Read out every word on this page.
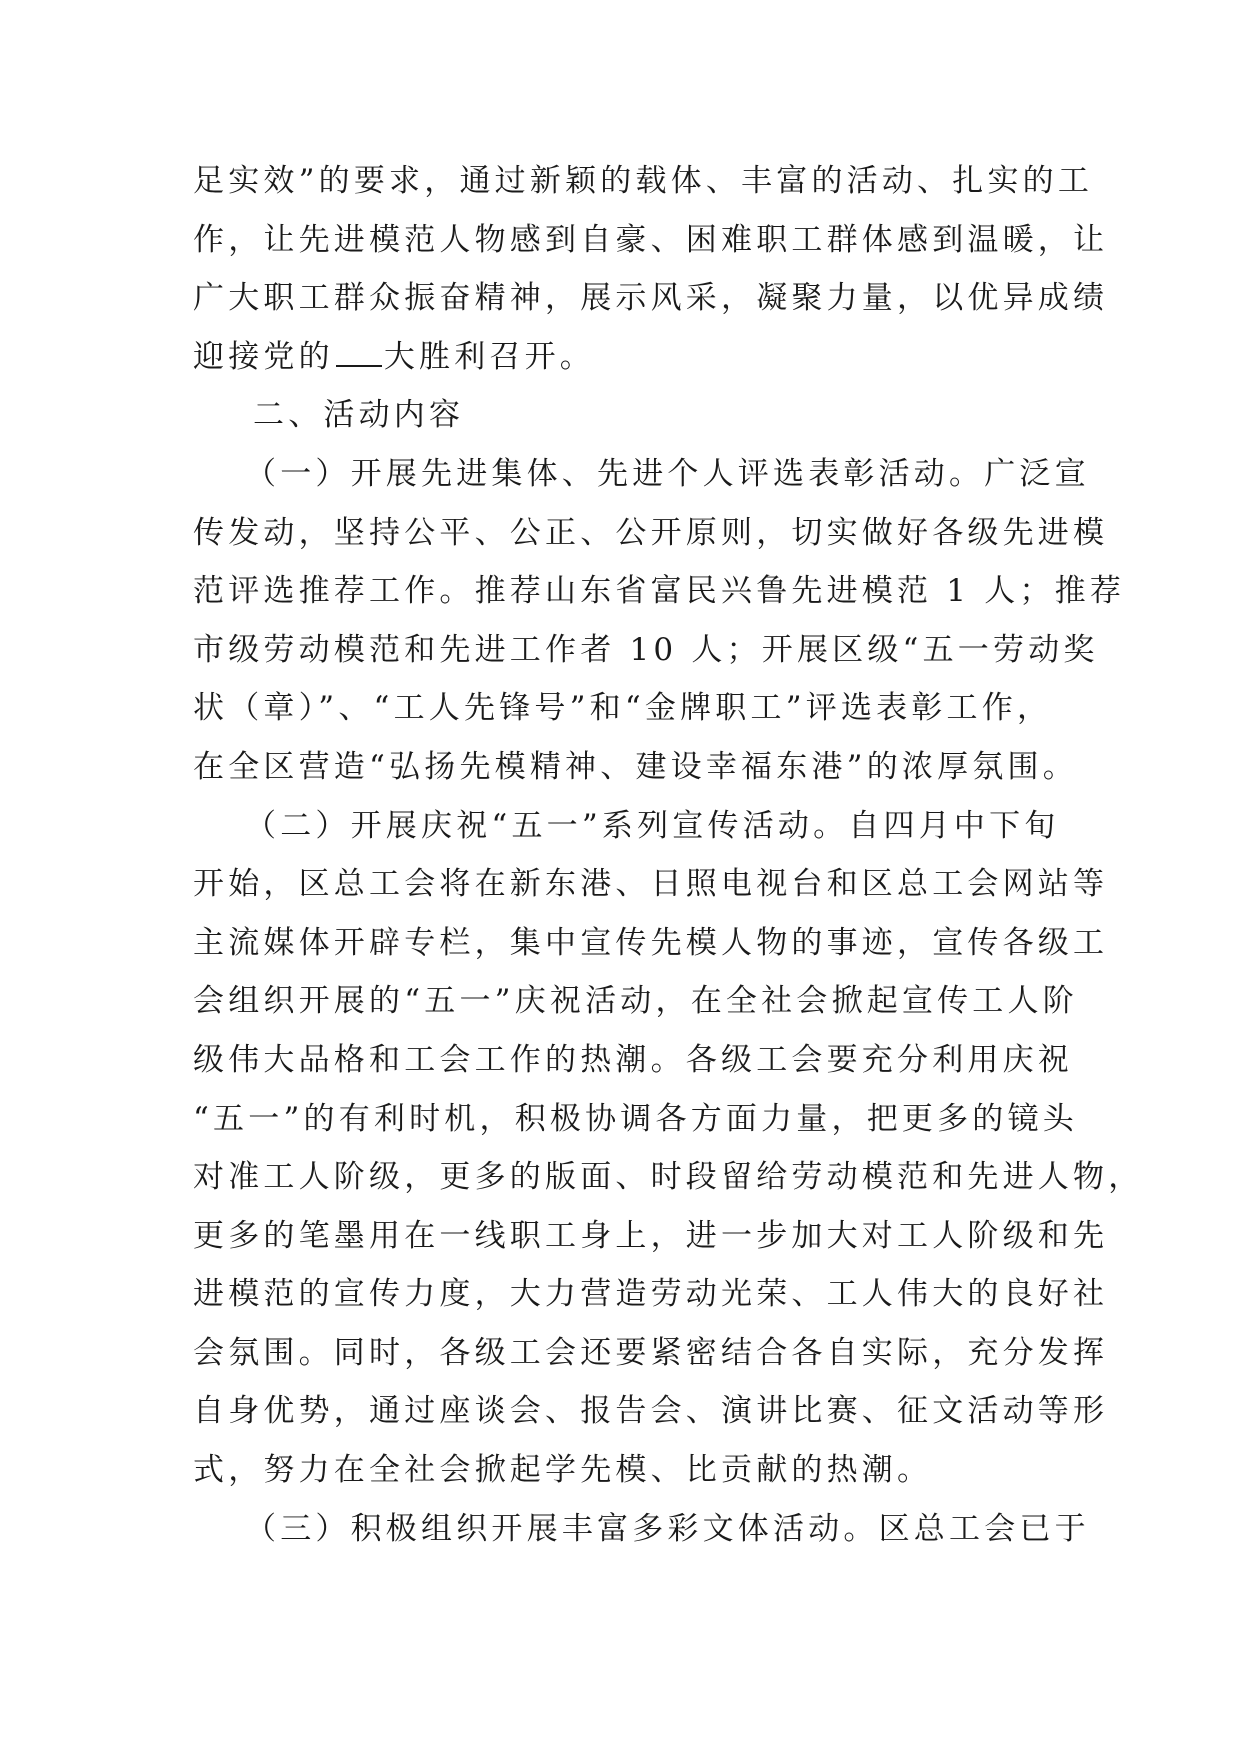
足实效”的要求，通过新颖的载体、丰富的活动、扎实的工
作，让先进模范人物感到自豪、困难职工群体感到温暖，让
广大职工群众振奋精神，展示风采，凝聚力量，以优异成绩
迎接党的 大胜利召开。
二、活动内容
（一）开展先进集体、先进个人评选表彰活动。广泛宣
传发动，坚持公平、公正、公开原则，切实做好各级先进模
范评选推荐工作。推荐山东省富民兴鲁先进模范 1 人；推荐
市级劳动模范和先进工作者 10 人；开展区级“五一劳动奖
状（章）”、“工人先锋号”和“金牌职工”评选表彰工作，
在全区营造“弘扬先模精神、建设幸福东港”的浓厚氛围。
（二）开展庆祝“五一”系列宣传活动。自四月中下旬
开始，区总工会将在新东港、日照电视台和区总工会网站等
主流媒体开辟专栏，集中宣传先模人物的事迹，宣传各级工
会组织开展的“五一”庆祝活动，在全社会掀起宣传工人阶
级伟大品格和工会工作的热潮。各级工会要充分利用庆祝
“五一”的有利时机，积极协调各方面力量，把更多的镜头
对准工人阶级，更多的版面、时段留给劳动模范和先进人物，
更多的笔墨用在一线职工身上，进一步加大对工人阶级和先
进模范的宣传力度，大力营造劳动光荣、工人伟大的良好社
会氛围。同时，各级工会还要紧密结合各自实际，充分发挥
自身优势，通过座谈会、报告会、演讲比赛、征文活动等形
式，努力在全社会掀起学先模、比贡献的热潮。
（三）积极组织开展丰富多彩文体活动。区总工会已于
